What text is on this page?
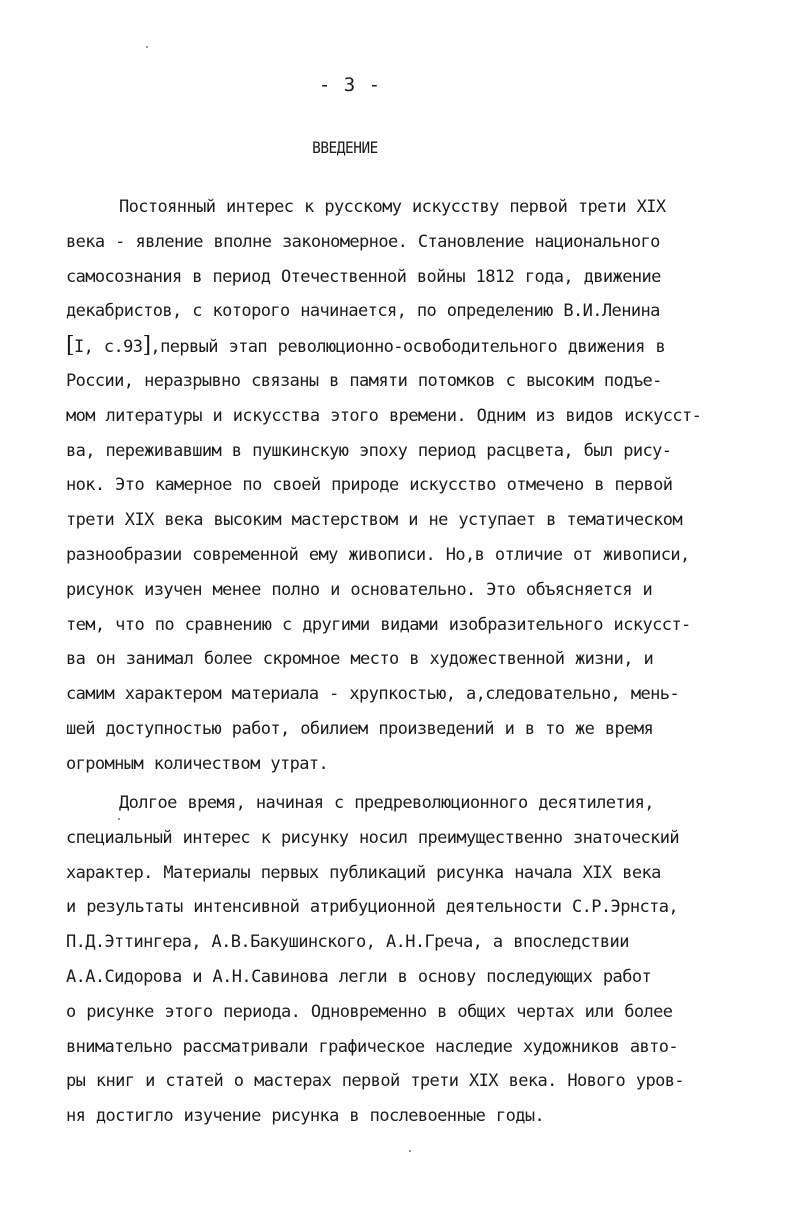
- 3 -
ВВЕДЕНИЕ
Постоянный интерес к русскому искусству первой трети XIX
века - явление вполне закономерное. Становление национального
самосознания в период Отечественной войны 1812 года, движение
декабристов, с которого начинается, по определению В.И.Ленина
[I, с.93],первый этап революционно-освободительного движения в
России, неразрывно связаны в памяти потомков с высоким подъе-
мом литературы и искусства этого времени. Одним из видов искусст-
ва, переживавшим в пушкинскую эпоху период расцвета, был рису-
нок. Это камерное по своей природе искусство отмечено в первой
трети XIX века высоким мастерством и не уступает в тематическом
разнообразии современной ему живописи. Но,в отличие от живописи,
рисунок изучен менее полно и основательно. Это объясняется и
тем, что по сравнению с другими видами изобразительного искусст-
ва он занимал более скромное место в художественной жизни, и
самим характером материала - хрупкостью, а,следовательно, мень-
шей доступностью работ, обилием произведений и в то же время
огромным количеством утрат.
Долгое время, начиная с предреволюционного десятилетия,
специальный интерес к рисунку носил преимущественно знаточеский
характер. Материалы первых публикаций рисунка начала XIX века
и результаты интенсивной атрибуционной деятельности С.Р.Эрнста,
П.Д.Эттингера, А.В.Бакушинского, А.Н.Греча, а впоследствии
А.А.Сидорова и А.Н.Савинова легли в основу последующих работ
о рисунке этого периода. Одновременно в общих чертах или более
внимательно рассматривали графическое наследие художников авто-
ры книг и статей о мастерах первой трети XIX века. Нового уров-
ня достигло изучение рисунка в послевоенные годы.
